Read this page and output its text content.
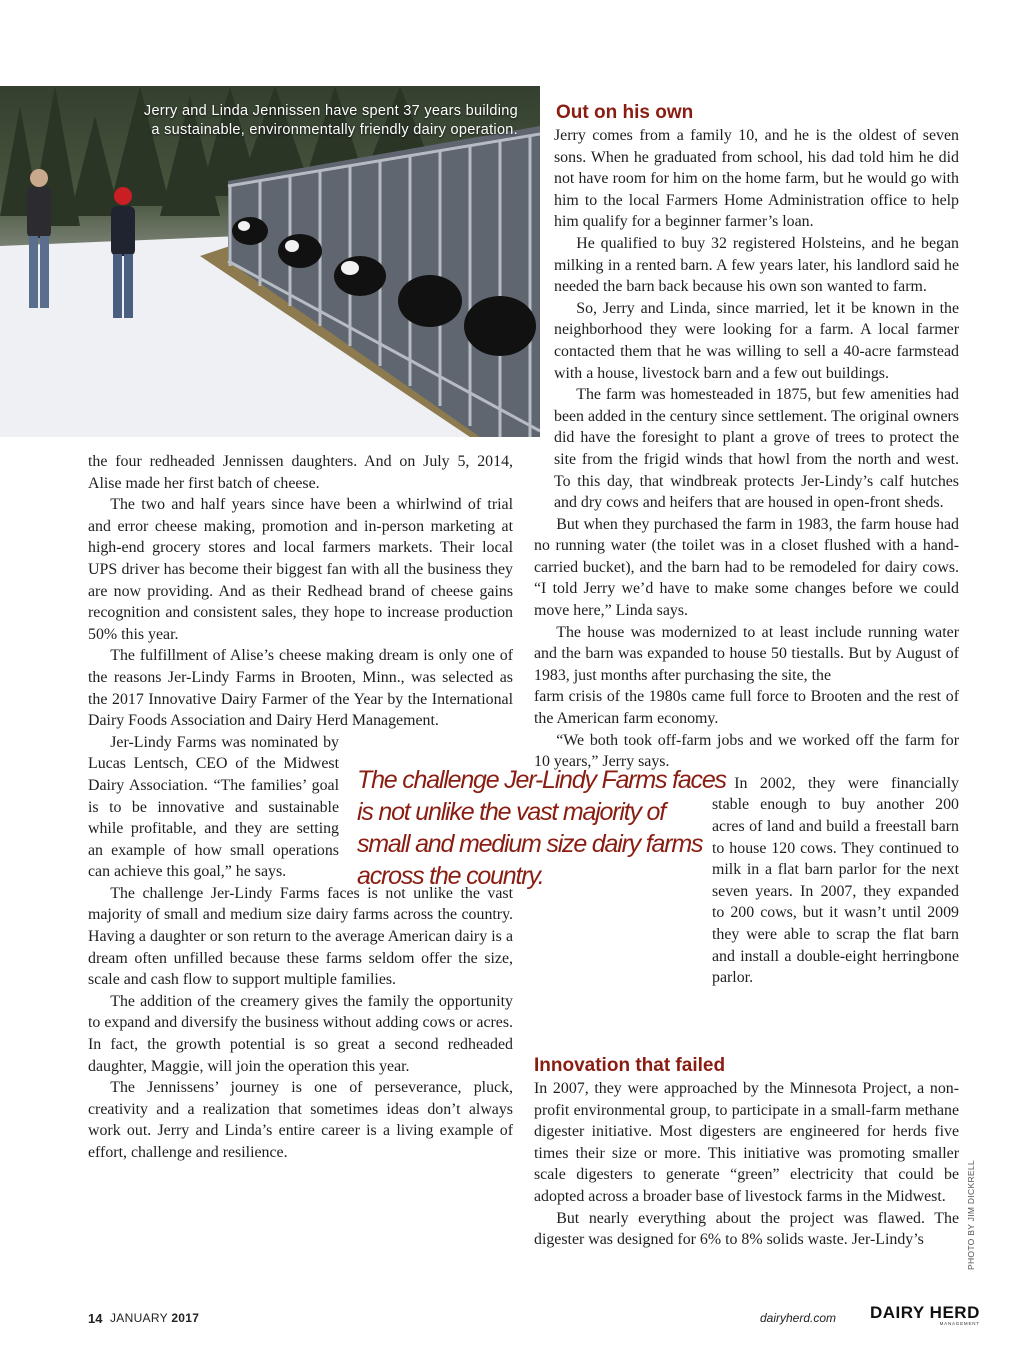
Jerry and Linda Jennissen have spent 37 years building
a sustainable, environmentally friendly dairy operation.
Out on his own

Jerry comes from a family 10, and he is the oldest of seven sons. When he graduated from school, his dad told him he did not have room for him on the home farm, but he would go with him to the local Farmers Home Administration office to help him qualify for a beginner farmer’s loan.

He qualified to buy 32 registered Holsteins, and he began milking in a rented barn. A few years later, his landlord said he needed the barn back because his own son wanted to farm.

So, Jerry and Linda, since married, let it be known in the neighborhood they were looking for a farm. A local farmer contacted them that he was willing to sell a 40-acre farmstead with a house, livestock barn and a few out buildings.

The farm was homesteaded in 1875, but few amenities had been added in the century since settlement. The original owners did have the foresight to plant a grove of trees to protect the site from the frigid winds that howl from the north and west. To this day, that windbreak protects Jer-Lindy’s calf hutches and dry cows and heifers that are housed in open-front sheds.

But when they purchased the farm in 1983, the farm house had no running water (the toilet was in a closet flushed with a hand-carried bucket), and the barn had to be remodeled for dairy cows. “I told Jerry we’d have to make some changes before we could move here,” Linda says.

The house was modernized to at least include running water and the barn was expanded to house 50 tiestalls. But by August of 1983, just months after purchasing the site, the

farm crisis of the 1980s came full force to Brooten and the rest of the American farm economy.

“We both took off-farm jobs and we worked off the farm for 10 years,” Jerry says.

In 2002, they were financially stable enough to buy another 200 acres of land and build a freestall barn to house 120 cows. They continued to milk in a flat barn parlor for the next seven years. In 2007, they expanded to 200 cows, but it wasn’t until 2009 they were able to scrap the flat barn and install a double-eight herringbone parlor.

Innovation that failed

In 2007, they were approached by the Minnesota Project, a non-profit environmental group, to participate in a small-farm methane digester initiative. Most digesters are engineered for herds five times their size or more. This initiative was promoting smaller scale digesters to generate “green” electricity that could be adopted across a broader base of livestock farms in the Midwest.

But nearly everything about the project was flawed. The digester was designed for 6% to 8% solids waste. Jer-Lindy’s

the four redheaded Jennissen daughters. And on July 5, 2014, Alise made her first batch of cheese.

The two and half years since have been a whirlwind of trial and error cheese making, promotion and in-person marketing at high-end grocery stores and local farmers markets. Their local UPS driver has become their biggest fan with all the business they are now providing. And as their Redhead brand of cheese gains recognition and consistent sales, they hope to increase production 50% this year.

The fulfillment of Alise’s cheese making dream is only one of the reasons Jer-Lindy Farms in Brooten, Minn., was selected as the 2017 Innovative Dairy Farmer of the Year by the International Dairy Foods Association and Dairy Herd Management.

Jer-Lindy Farms was nominated by Lucas Lentsch, CEO of the Midwest Dairy Association. “The families’ goal is to be innovative and sustainable while profitable, and they are setting an example of how small operations can achieve this goal,” he says.

The challenge Jer-Lindy Farms faces is not unlike the vast majority of small and medium size dairy farms across the country. Having a daughter or son return to the average American dairy is a dream often unfilled because these farms seldom offer the size, scale and cash flow to support multiple families.

The addition of the creamery gives the family the opportunity to expand and diversify the business without adding cows or acres. In fact, the growth potential is so great a second redheaded daughter, Maggie, will join the operation this year.

The Jennissens’ journey is one of perseverance, pluck, creativity and a realization that sometimes ideas don’t always work out. Jerry and Linda’s entire career is a living example of effort, challenge and resilience.

The challenge Jer-Lindy Farms faces
is not unlike the vast majority of
small and medium size dairy farms
across the country.
PHOTO BY JIM DICKRELL
14 JANUARY 2017	dairyherd.com DAIRY HERD
MANAGEMENT
